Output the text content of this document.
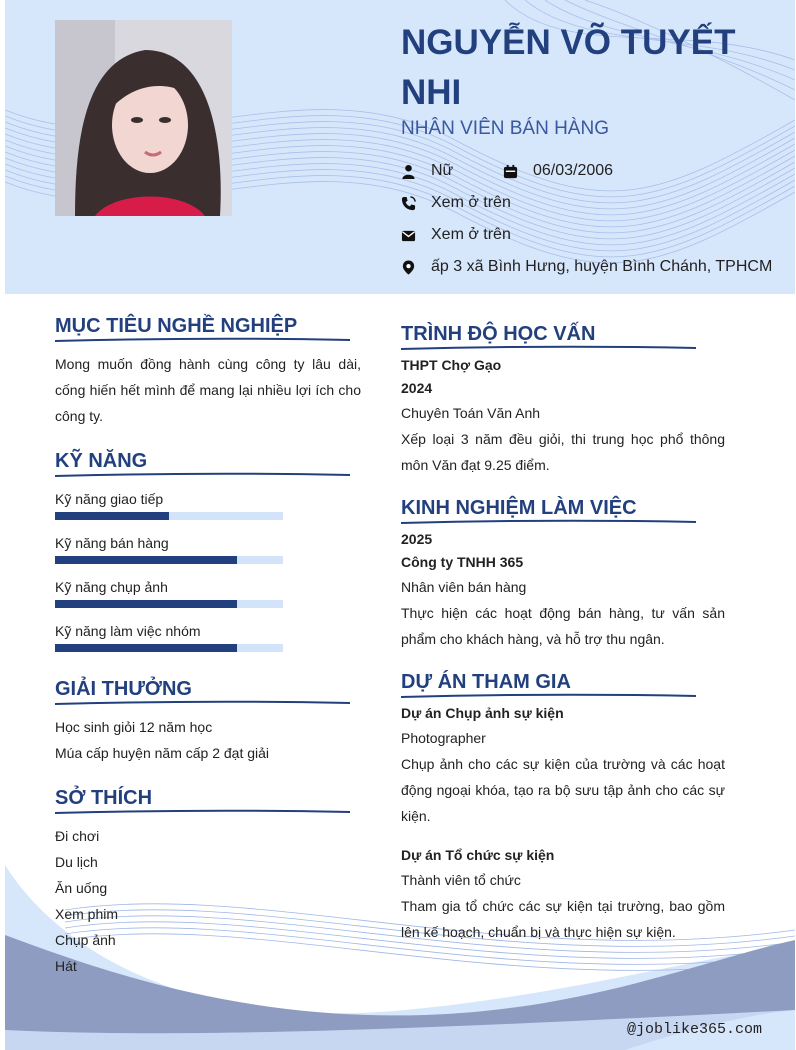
NGUYỄN VÕ TUYẾT NHI
NHÂN VIÊN BÁN HÀNG
Nữ	06/03/2006
Xem ở trên
Xem ở trên
ấp 3 xã Bình Hưng, huyện Bình Chánh, TPHCM
MỤC TIÊU NGHỀ NGHIỆP
Mong muốn đồng hành cùng công ty lâu dài, cống hiến hết mình để mang lại nhiều lợi ích cho công ty.
KỸ NĂNG
Kỹ năng giao tiếp
Kỹ năng bán hàng
Kỹ năng chụp ảnh
Kỹ năng làm việc nhóm
GIẢI THƯỞNG
Học sinh giỏi 12 năm học
Múa cấp huyện năm cấp 2 đạt giải
SỞ THÍCH
Đi chơi
Du lịch
Ăn uống
Xem phim
Chụp ảnh
Hát
TRÌNH ĐỘ HỌC VẤN
THPT Chợ Gạo
2024
Chuyên Toán Văn Anh
Xếp loại 3 năm đều giỏi, thi trung học phổ thông môn Văn đạt 9.25 điểm.
KINH NGHIỆM LÀM VIỆC
2025
Công ty TNHH 365
Nhân viên bán hàng
Thực hiện các hoạt động bán hàng, tư vấn sản phẩm cho khách hàng, và hỗ trợ thu ngân.
DỰ ÁN THAM GIA
Dự án Chụp ảnh sự kiện
Photographer
Chụp ảnh cho các sự kiện của trường và các hoạt động ngoại khóa, tạo ra bộ sưu tập ảnh cho các sự kiện.
Dự án Tổ chức sự kiện
Thành viên tổ chức
Tham gia tổ chức các sự kiện tại trường, bao gồm lên kế hoạch, chuẩn bị và thực hiện sự kiện.
@joblike365.com
